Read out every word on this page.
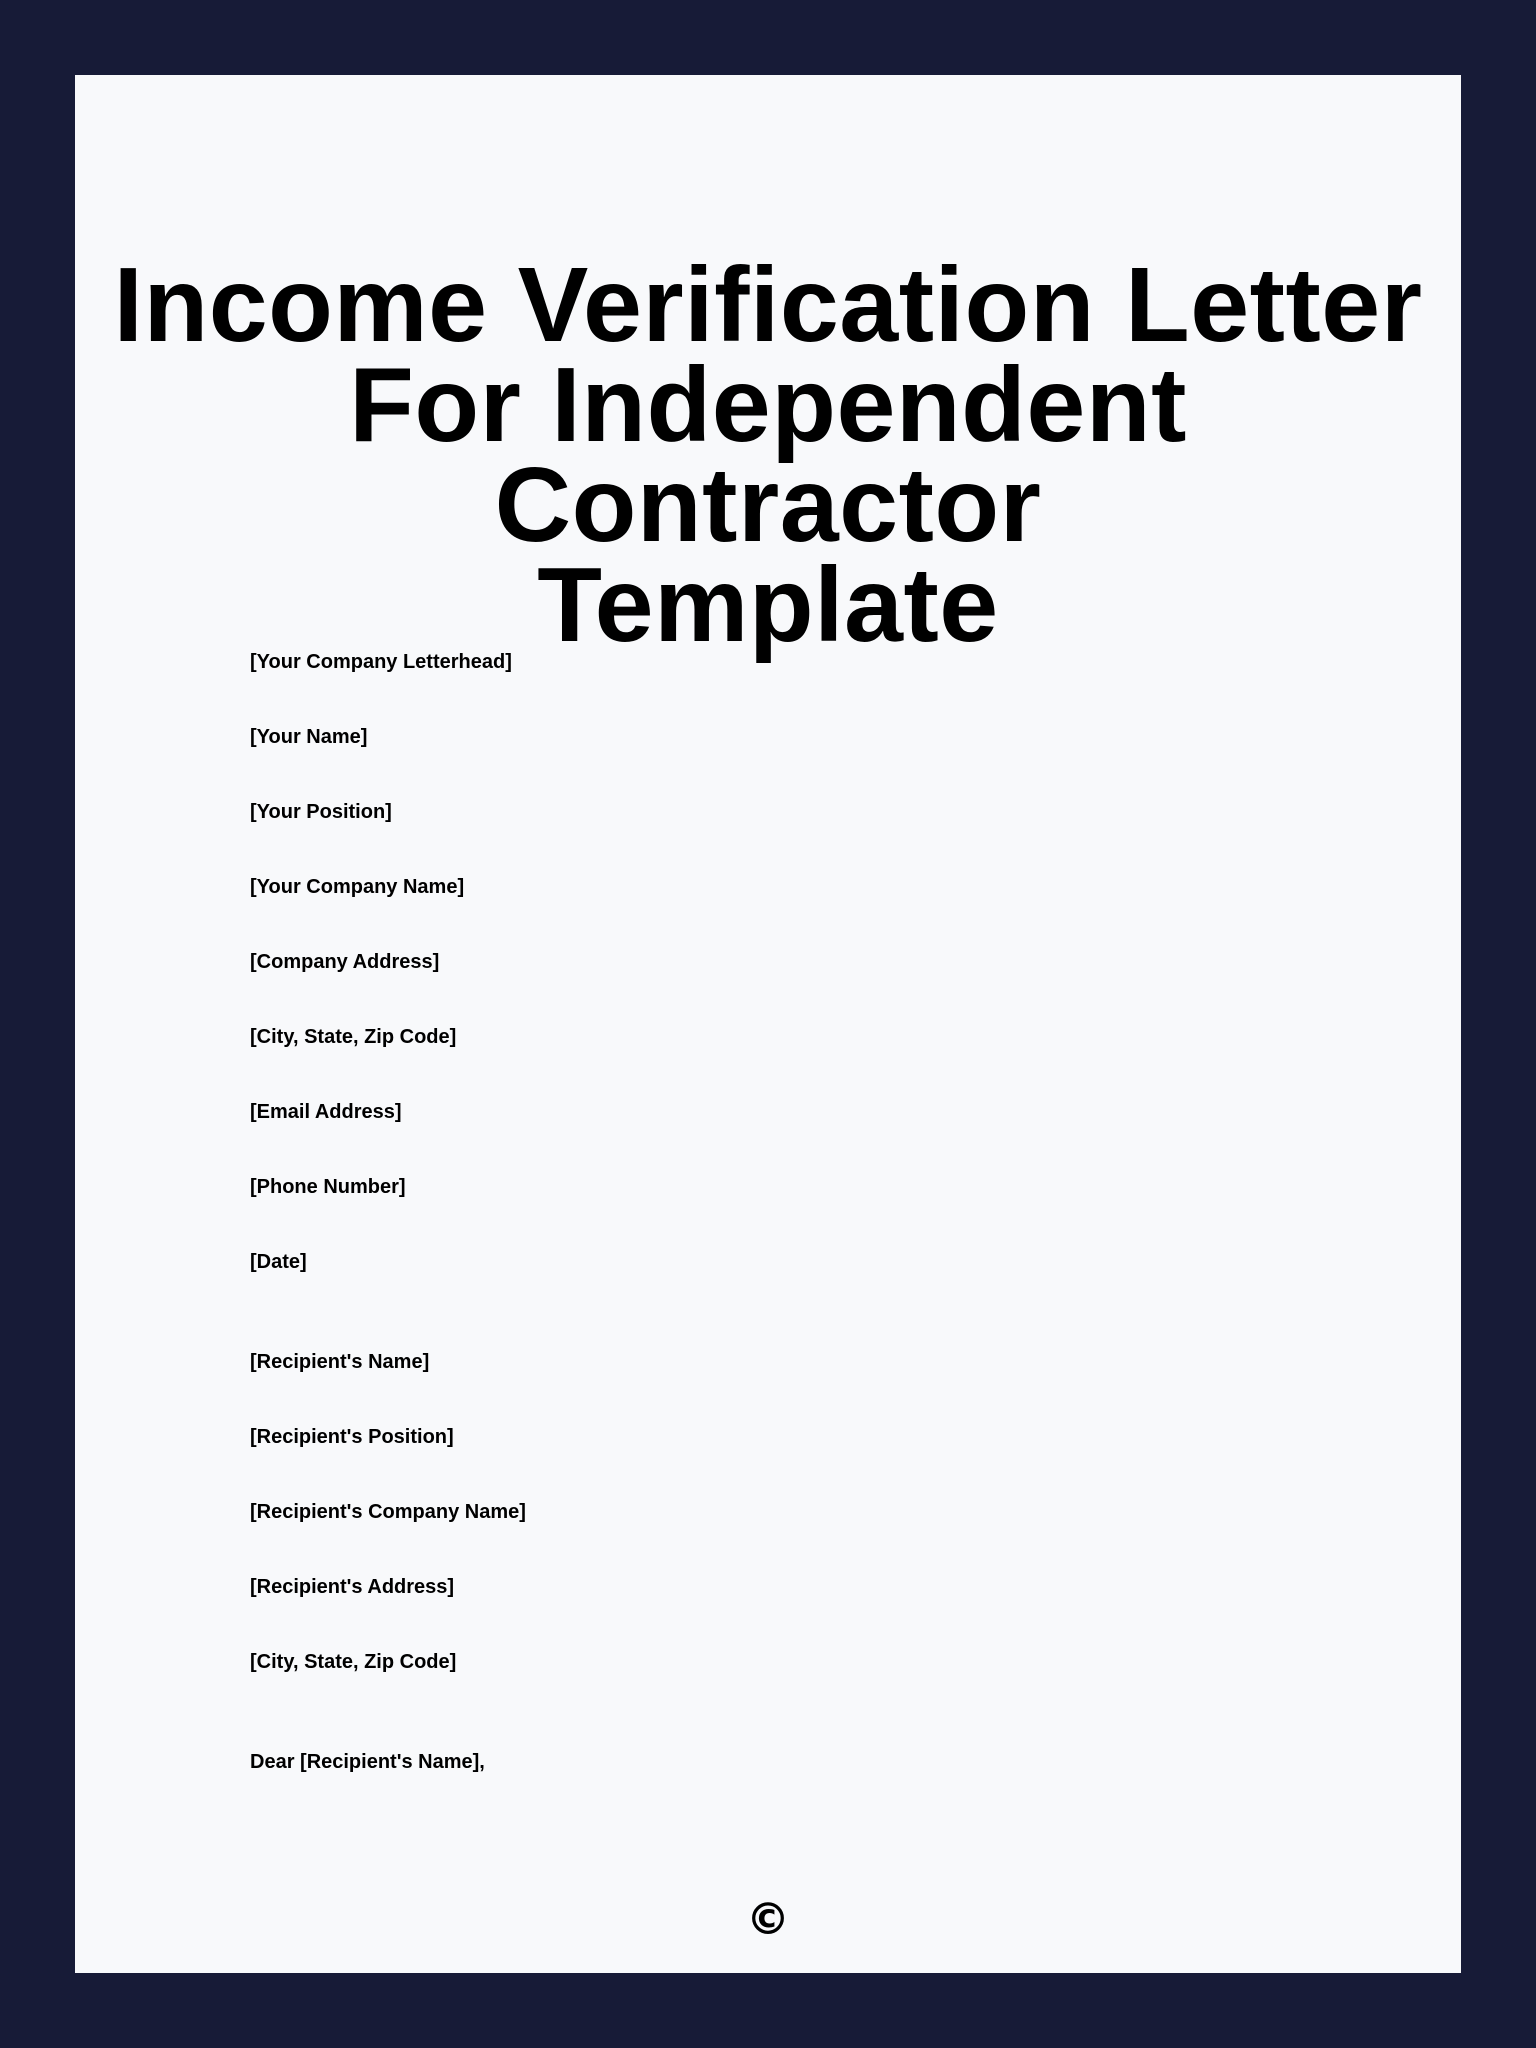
Income Verification Letter
For Independent Contractor
Template
[Your Company Letterhead]
[Your Name]
[Your Position]
[Your Company Name]
[Company Address]
[City, State, Zip Code]
[Email Address]
[Phone Number]
[Date]
[Recipient's Name]
[Recipient's Position]
[Recipient's Company Name]
[Recipient's Address]
[City, State, Zip Code]
Dear [Recipient's Name],
©
